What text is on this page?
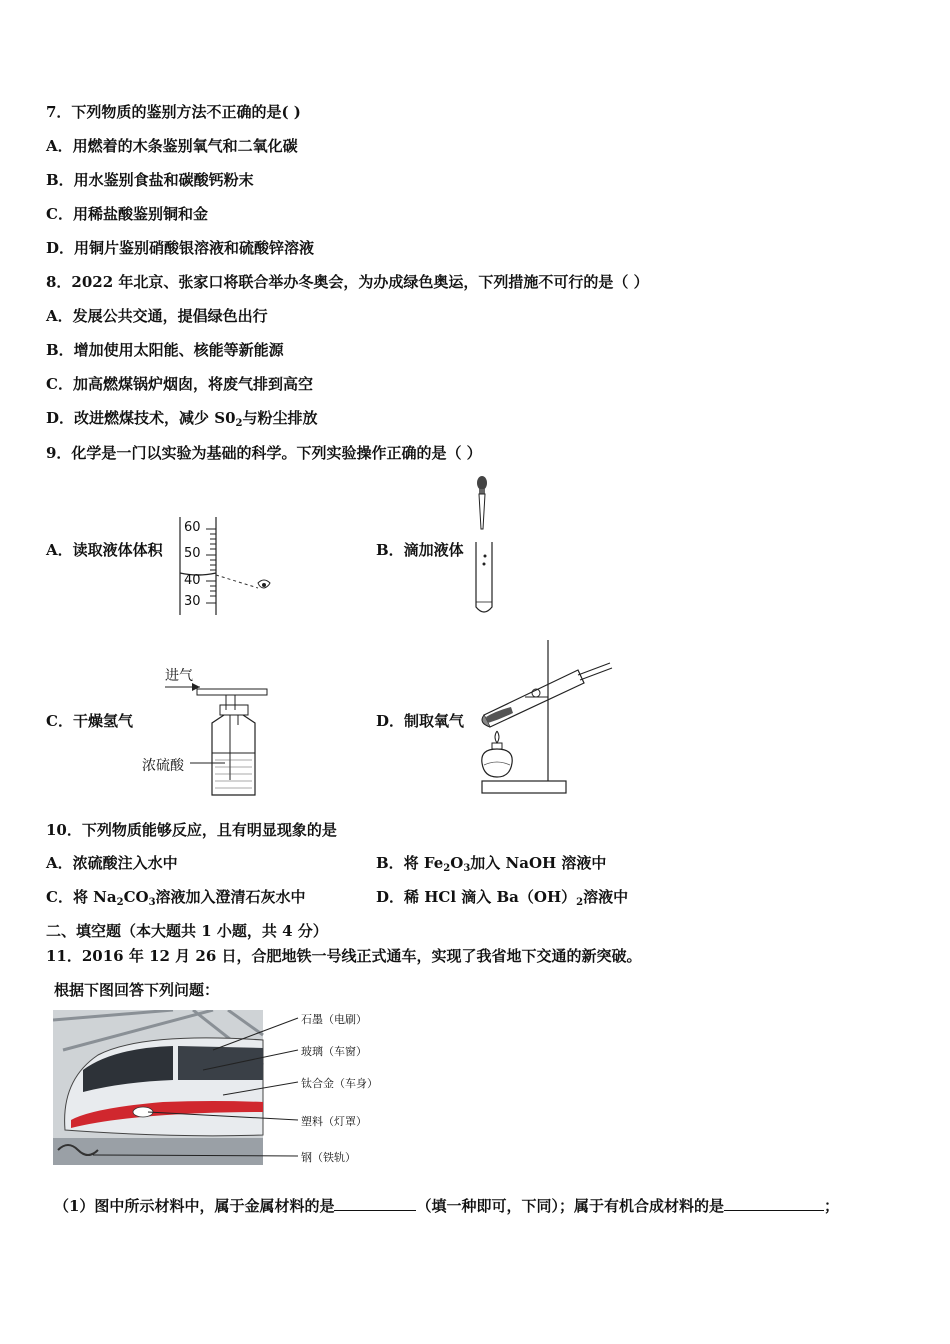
7．下列物质的鉴别方法不正确的是( )
A．用燃着的木条鉴别氧气和二氧化碳
B．用水鉴别食盐和碳酸钙粉末
C．用稀盐酸鉴别铜和金
D．用铜片鉴别硝酸银溶液和硫酸锌溶液
8．2022 年北京、张家口将联合举办冬奥会，为办成绿色奥运，下列措施不可行的是（ ）
A．发展公共交通，提倡绿色出行
B．增加使用太阳能、核能等新能源
C．加高燃煤锅炉烟囱，将废气排到高空
D．改进燃煤技术，减少 $S0_2$与粉尘排放
9．化学是一门以实验为基础的科学。下列实验操作正确的是（ ）
A．读取液体体积	B．滴加液体
C．干燥氢气	D．制取氧气
60
50
40
30
进气
浓硫酸
10．下列物质能够反应，且有明显现象的是
A．浓硫酸注入水中	B．将 $Fe_2O_3$加入 NaOH 溶液中
C．将 $Na_2CO_3$溶液加入澄清石灰水中	D．稀 HCl 滴入 $Ba(OH)_2$溶液中
二、填空题（本大题共 1 小题，共 4 分）
11．2016 年 12 月 26 日，合肥地铁一号线正式通车，实现了我省地下交通的新突破。
根据下图回答下列问题：
石墨（电刷）
玻璃（车窗）
钛合金（车身）
塑料（灯罩）
钢（铁轨）
（1）图中所示材料中，属于金属材料的是	（填一种即可，下同）；属于有机合成材料的是	；
